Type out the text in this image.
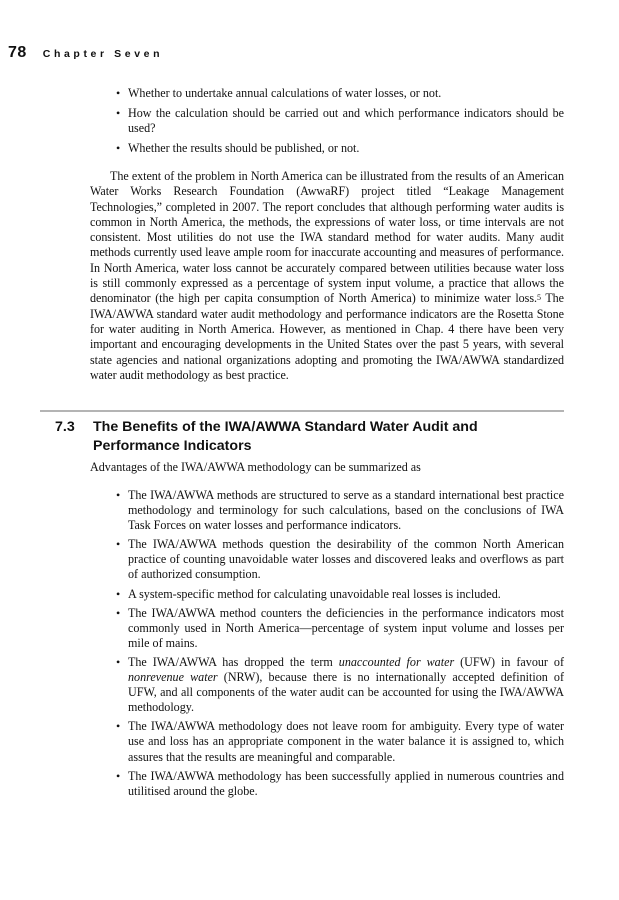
78 Chapter Seven
• Whether to undertake annual calculations of water losses, or not.
• How the calculation should be carried out and which performance indicators should be used?
• Whether the results should be published, or not.

The extent of the problem in North America can be illustrated from the results of an American Water Works Research Foundation (AwwaRF) project titled “Leakage Management Technologies,” completed in 2007. The report concludes that although performing water audits is common in North America, the methods, the expressions of water loss, or time intervals are not consistent. Most utilities do not use the IWA standard method for water audits. Many audit methods currently used leave ample room for inaccurate accounting and measures of performance. In North America, water loss cannot be accurately compared between utilities because water loss is still commonly expressed as a percentage of system input volume, a practice that allows the denominator (the high per capita consumption of North America) to minimize water loss.$^5$ The IWA/AWWA standard water audit methodology and performance indicators are the Rosetta Stone for water auditing in North America. However, as mentioned in Chap. 4 there have been very important and encouraging developments in the United States over the past 5 years, with several state agencies and national organizations adopting and promoting the IWA/AWWA standardized water audit methodology as best practice.

7.3	The Benefits of the IWA/AWWA Standard Water Audit and Performance Indicators

Advantages of the IWA/AWWA methodology can be summarized as

• The IWA/AWWA methods are structured to serve as a standard international best practice methodology and terminology for such calculations, based on the conclusions of IWA Task Forces on water losses and performance indicators.
• The IWA/AWWA methods question the desirability of the common North American practice of counting unavoidable water losses and discovered leaks and overflows as part of authorized consumption.
• A system-specific method for calculating unavoidable real losses is included.
• The IWA/AWWA method counters the deficiencies in the performance indicators most commonly used in North America—percentage of system input volume and losses per mile of mains.
• The IWA/AWWA has dropped the term unaccounted for water (UFW) in favour of nonrevenue water (NRW), because there is no internationally accepted definition of UFW, and all components of the water audit can be accounted for using the IWA/AWWA methodology.
• The IWA/AWWA methodology does not leave room for ambiguity. Every type of water use and loss has an appropriate component in the water balance it is assigned to, which assures that the results are meaningful and comparable.
• The IWA/AWWA methodology has been successfully applied in numerous countries and utilitised around the globe.
